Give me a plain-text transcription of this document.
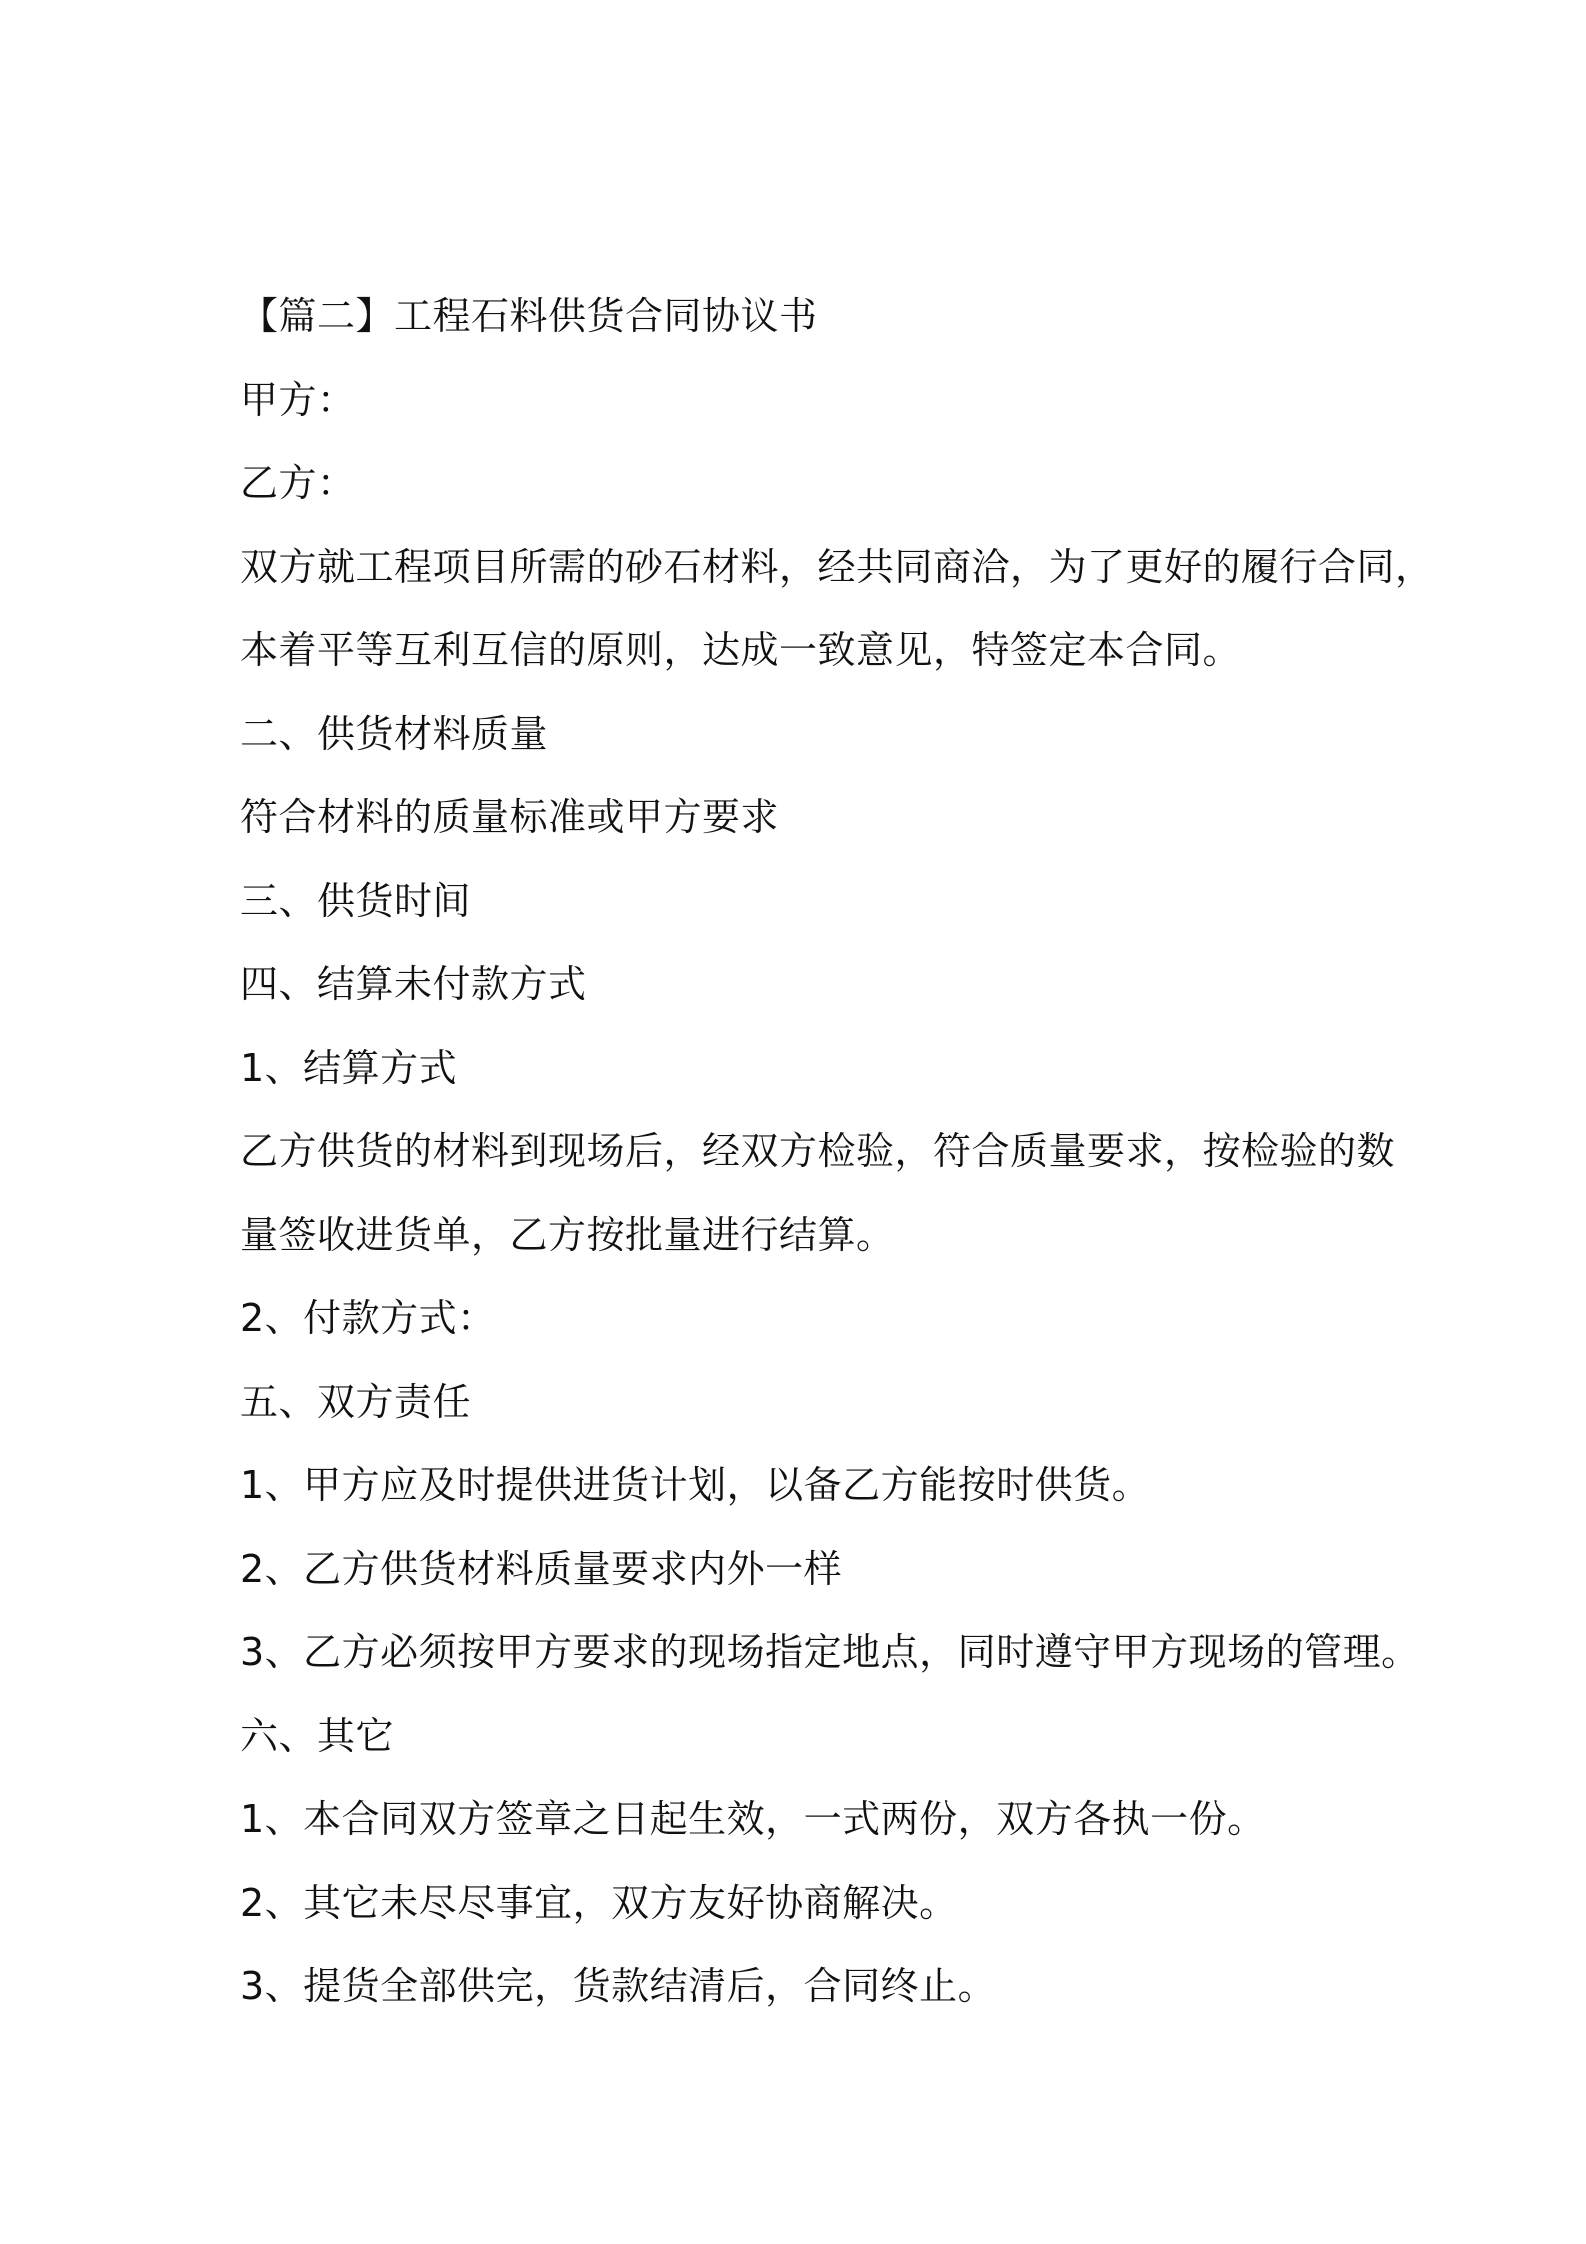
【篇二】工程石料供货合同协议书
甲方：
乙方：
双方就工程项目所需的砂石材料，经共同商洽，为了更好的履行合同，
本着平等互利互信的原则，达成一致意见，特签定本合同。
二、供货材料质量
符合材料的质量标准或甲方要求
三、供货时间
四、结算未付款方式
1、结算方式
乙方供货的材料到现场后，经双方检验，符合质量要求，按检验的数
量签收进货单，乙方按批量进行结算。
2、付款方式：
五、双方责任
1、甲方应及时提供进货计划，以备乙方能按时供货。
2、乙方供货材料质量要求内外一样
3、乙方必须按甲方要求的现场指定地点，同时遵守甲方现场的管理。
六、其它
1、本合同双方签章之日起生效，一式两份，双方各执一份。
2、其它未尽尽事宜，双方友好协商解决。
3、提货全部供完，货款结清后，合同终止。
